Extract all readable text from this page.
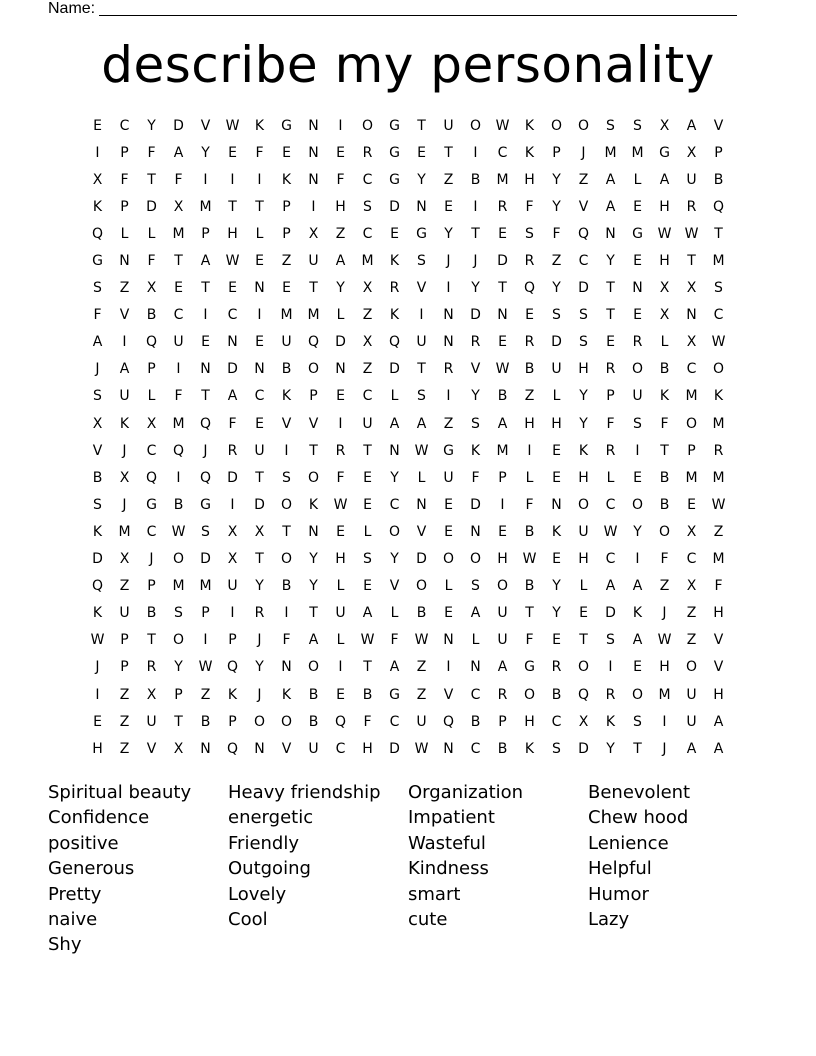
Name:
describe my personality
E	C	Y	D	V	W	K	G	N	I	O	G	T	U	O	W	K	O	O	S	S	X	A	V
I	P	F	A	Y	E	F	E	N	E	R	G	E	T	I	C	K	P	J	M	M	G	X	P
X	F	T	F	I	I	I	K	N	F	C	G	Y	Z	B	M	H	Y	Z	A	L	A	U	B
K	P	D	X	M	T	T	P	I	H	S	D	N	E	I	R	F	Y	V	A	E	H	R	Q
Q	L	L	M	P	H	L	P	X	Z	C	E	G	Y	T	E	S	F	Q	N	G	W W	T
G	N	F	T	A	W	E	Z	U	A	M	K	S	J	J	D	R	Z	C	Y	E	H	T	M
S	Z	X	E	T	E	N	E	T	Y	X	R	V	I	Y	T	Q	Y	D	T	N	X	X	S
F	V	B	C	I	C	I	M	M	L	Z	K	I	N	D	N	E	S	S	T	E	X	N	C
A	I	Q	U	E	N	E	U	Q	D	X	Q	U	N	R	E	R	D	S	E	R	L	X	W
J	A	P	I	N	D	N	B	O	N	Z	D	T	R	V	W	B	U	H	R	O	B	C	O
S	U	L	F	T	A	C	K	P	E	C	L	S	I	Y	B	Z	L	Y	P	U	K	M	K
X	K	X	M	Q	F	E	V	V	I	U	A	A	Z	S	A	H	H	Y	F	S	F	O	M
V	J	C	Q	J	R	U	I	T	R	T	N	W	G	K	M	I	E	K	R	I	T	P	R
B	X	Q	I	Q	D	T	S	O	F	E	Y	L	U	F	P	L	E	H	L	E	B	M	M
S	J	G	B	G	I	D	O	K	W	E	C	N	E	D	I	F	N	O	C	O	B	E	W
K	M	C	W	S	X	X	T	N	E	L	O	V	E	N	E	B	K	U	W	Y	O	X	Z
D	X	J	O	D	X	T	O	Y	H	S	Y	D	O	O	H	W	E	H	C	I	F	C	M
Q	Z	P	M	M	U	Y	B	Y	L	E	V	O	L	S	O	B	Y	L	A	A	Z	X	F
K	U	B	S	P	I	R	I	T	U	A	L	B	E	A	U	T	Y	E	D	K	J	Z	H
W	P	T	O	I	P	J	F	A	L	W	F	W	N	L	U	F	E	T	S	A	W	Z	V
J	P	R	Y	W	Q	Y	N	O	I	T	A	Z	I	N	A	G	R	O	I	E	H	O	V
I	Z	X	P	Z	K	J	K	B	E	B	G	Z	V	C	R	O	B	Q	R	O	M	U	H
E	Z	U	T	B	P	O	O	B	Q	F	C	U	Q	B	P	H	C	X	K	S	I	U	A
H	Z	V	X	N	Q	N	V	U	C	H	D	W	N	C	B	K	S	D	Y	T	J	A	A
Spiritual beauty	Heavy friendship	Organization	Benevolent
Confidence	energetic	Impatient	Chew hood
positive	Friendly	Wasteful	Lenience
Generous	Outgoing	Kindness	Helpful
Pretty	Lovely	smart	Humor
naive	Cool	cute	Lazy
Shy
